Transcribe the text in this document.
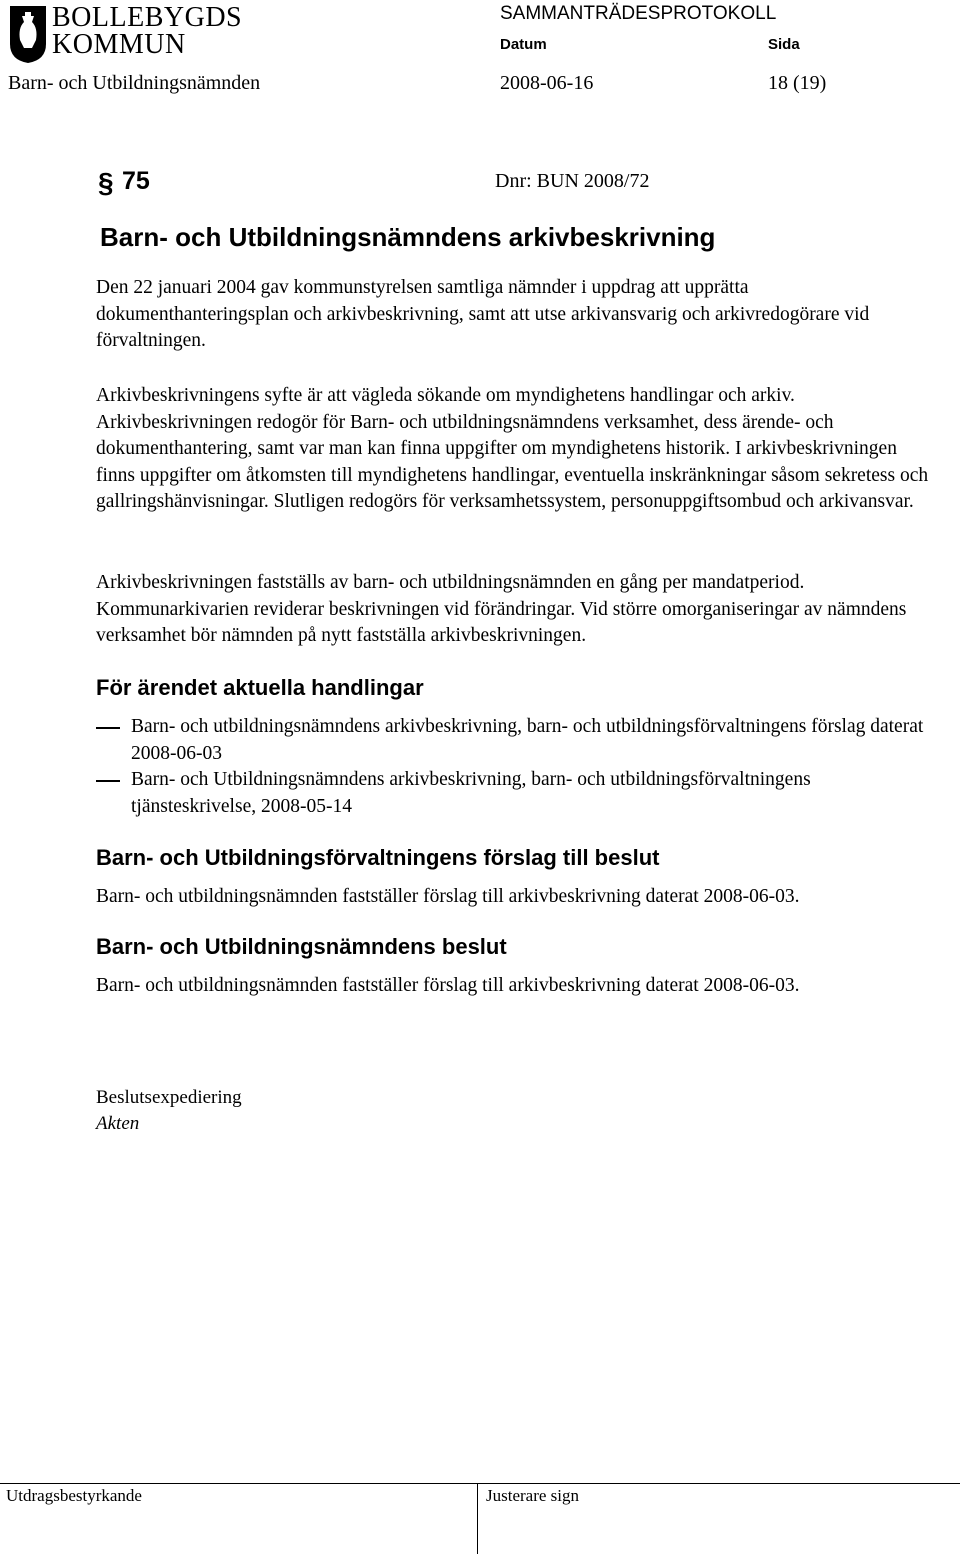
BOLLEBYGDS
KOMMUN
SAMMANTRÄDESPROTOKOLL
Datum	Sida
Barn- och Utbildningsnämnden	2008-06-16	18 (19)
§ 75	Dnr: BUN 2008/72
Barn- och Utbildningsnämndens arkivbeskrivning
Den 22 januari 2004 gav kommunstyrelsen samtliga nämnder i uppdrag att upprätta dokumenthanteringsplan och arkivbeskrivning, samt att utse arkivansvarig och arkivredogörare vid förvaltningen.
Arkivbeskrivningens syfte är att vägleda sökande om myndighetens handlingar och arkiv. Arkivbeskrivningen redogör för Barn- och utbildningsnämndens verksamhet, dess ärende- och dokumenthantering, samt var man kan finna uppgifter om myndighetens historik. I arkivbeskrivningen finns uppgifter om åtkomsten till myndighetens handlingar, eventuella inskränkningar såsom sekretess och gallringshänvisningar. Slutligen redogörs för verksamhetssystem, personuppgiftsombud och arkivansvar.
Arkivbeskrivningen fastställs av barn- och utbildningsnämnden en gång per mandatperiod. Kommunarkivarien reviderar beskrivningen vid förändringar. Vid större omorganiseringar av nämndens verksamhet bör nämnden på nytt fastställa arkivbeskrivningen.
För ärendet aktuella handlingar
Barn- och utbildningsnämndens arkivbeskrivning, barn- och utbildningsförvaltningens förslag daterat 2008-06-03
Barn- och Utbildningsnämndens arkivbeskrivning, barn- och utbildningsförvaltningens tjänsteskrivelse, 2008-05-14
Barn- och Utbildningsförvaltningens förslag till beslut
Barn- och utbildningsnämnden fastställer förslag till arkivbeskrivning daterat 2008-06-03.
Barn- och Utbildningsnämndens beslut
Barn- och utbildningsnämnden fastställer förslag till arkivbeskrivning daterat 2008-06-03.
Beslutsexpediering
Akten
Utdragsbestyrkande	Justerare sign
